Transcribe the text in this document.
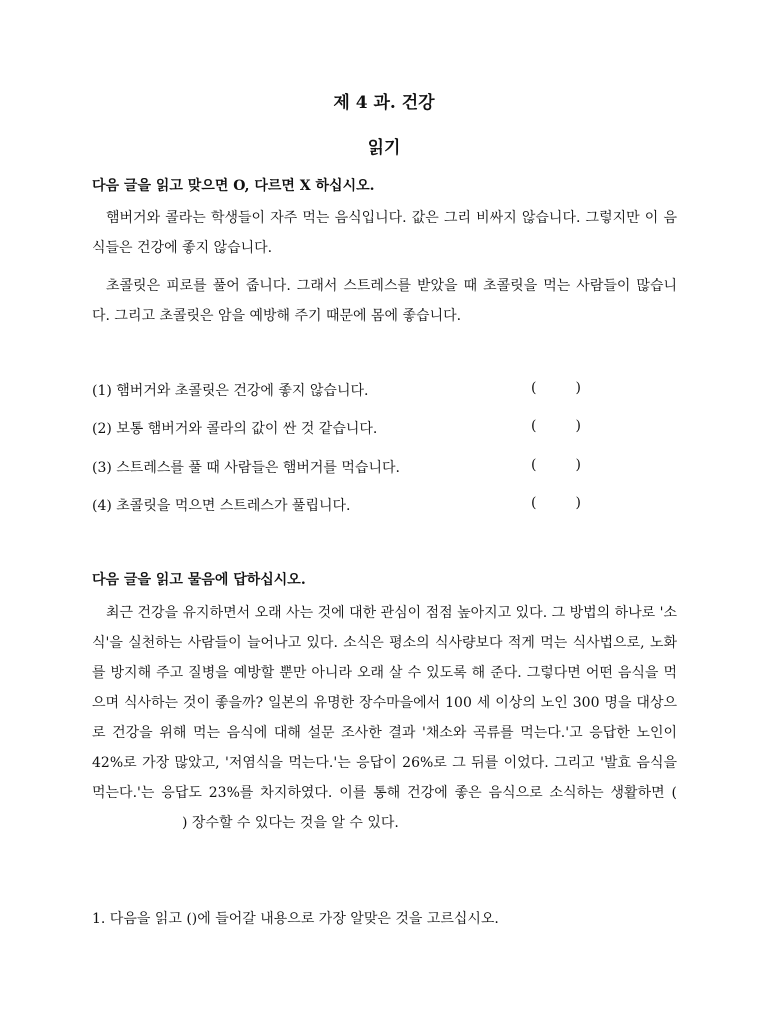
제 4 과. 건강
읽기

다음 글을 읽고 맞으면 O, 다르면 X 하십시오.

햄버거와 콜라는 학생들이 자주 먹는 음식입니다. 값은 그리 비싸지 않습니다. 그렇지만 이 음식들은 건강에 좋지 않습니다.

초콜릿은 피로를 풀어 줍니다. 그래서 스트레스를 받았을 때 초콜릿을 먹는 사람들이 많습니다. 그리고 초콜릿은 암을 예방해 주기 때문에 몸에 좋습니다.

(1) 햄버거와 초콜릿은 건강에 좋지 않습니다.	(	)

(2) 보통 햄버거와 콜라의 값이 싼 것 같습니다.	(	)

(3) 스트레스를 풀 때 사람들은 햄버거를 먹습니다.	(	)

(4) 초콜릿을 먹으면 스트레스가 풀립니다.	(	)

다음 글을 읽고 물음에 답하십시오.

최근 건강을 유지하면서 오래 사는 것에 대한 관심이 점점 높아지고 있다. 그 방법의 하나로 '소식'을 실천하는 사람들이 늘어나고 있다. 소식은 평소의 식사량보다 적게 먹는 식사법으로, 노화를 방지해 주고 질병을 예방할 뿐만 아니라 오래 살 수 있도록 해 준다. 그렇다면 어떤 음식을 먹으며 식사하는 것이 좋을까? 일본의 유명한 장수마을에서 100 세 이상의 노인 300 명을 대상으로 건강을 위해 먹는 음식에 대해 설문 조사한 결과 '채소와 곡류를 먹는다.'고 응답한 노인이 42%로 가장 많았고, '저염식을 먹는다.'는 응답이 26%로 그 뒤를 이었다. 그리고 '발효 음식을 먹는다.'는 응답도 23%를 차지하였다. 이를 통해 건강에 좋은 음식으로 소식하는 생활하면 () 장수할 수 있다는 것을 알 수 있다.

1. 다음을 읽고 ()에 들어갈 내용으로 가장 알맞은 것을 고르십시오.
